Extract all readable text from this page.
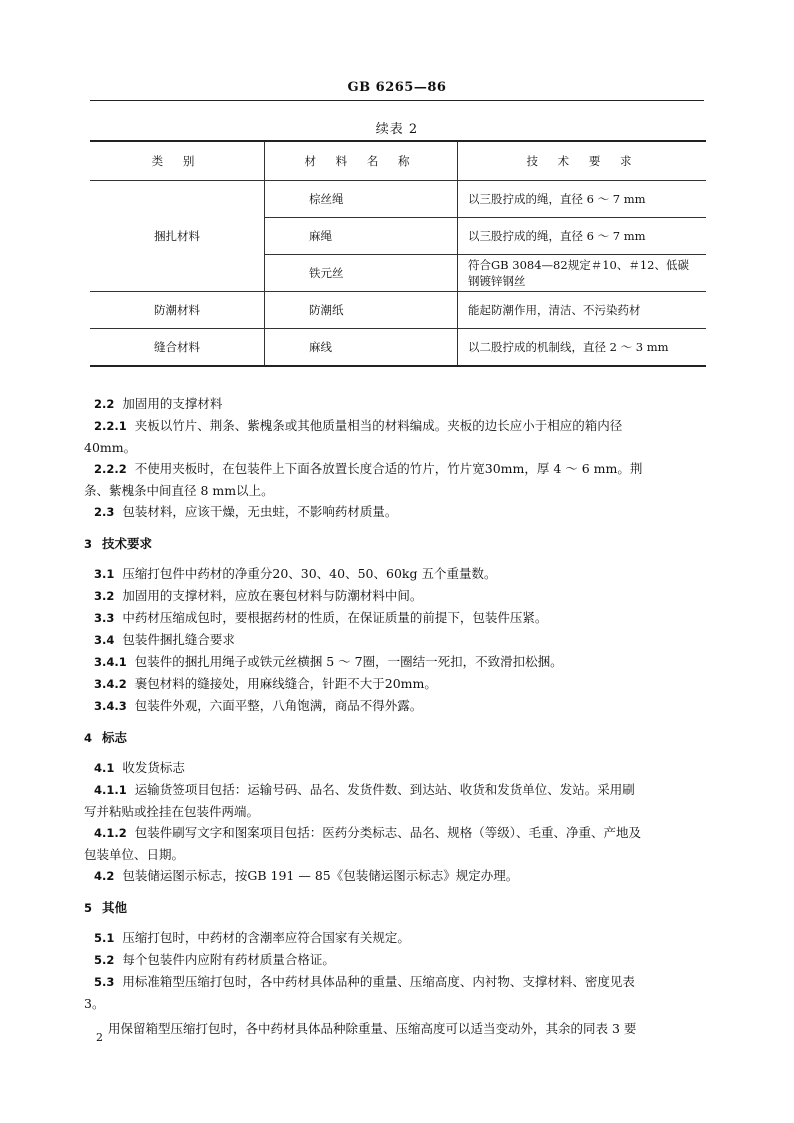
GB 6265—86
续表 2
类 别	材 料 名 称	技 术 要 求
捆扎材料	棕丝绳	以三股拧成的绳，直径 6 ～ 7 mm
	麻绳	以三股拧成的绳，直径 6 ～ 7 mm
	铁元丝	符合GB 3084—82规定＃10、＃12、低碳钢镀锌钢丝
防潮材料	防潮纸	能起防潮作用，清洁、不污染药材
缝合材料	麻线	以二股拧成的机制线，直径 2 ～ 3 mm

2.2 加固用的支撑材料

2.2.1 夹板以竹片、荆条、紫槐条或其他质量相当的材料编成。夹板的边长应小于相应的箱内径

40mm。

2.2.2 不使用夹板时，在包装件上下面各放置长度合适的竹片，竹片宽30mm，厚 4 ～ 6 mm。荆

条、紫槐条中间直径 8 mm以上。

2.3 包装材料，应该干燥，无虫蛀，不影响药材质量。

3 技术要求

3.1 压缩打包件中药材的净重分20、30、40、50、60kg 五个重量数。

3.2 加固用的支撑材料，应放在裹包材料与防潮材料中间。

3.3 中药材压缩成包时，要根据药材的性质，在保证质量的前提下，包装件压紧。

3.4 包装件捆扎缝合要求

3.4.1 包装件的捆扎用绳子或铁元丝横捆 5 ～ 7圈，一圈结一死扣，不致滑扣松捆。

3.4.2 裹包材料的缝接处，用麻线缝合，针距不大于20mm。

3.4.3 包装件外观，六面平整，八角饱满，商品不得外露。

4 标志

4.1 收发货标志

4.1.1 运输货签项目包括：运输号码、品名、发货件数、到达站、收货和发货单位、发站。采用刷

写并粘贴或拴挂在包装件两端。

4.1.2 包装件刷写文字和图案项目包括：医药分类标志、品名、规格（等级）、毛重、净重、产地及

包装单位、日期。

4.2 包装储运图示标志，按GB 191 — 85《包装储运图示标志》规定办理。

5 其他

5.1 压缩打包时，中药材的含潮率应符合国家有关规定。

5.2 每个包装件内应附有药材质量合格证。

5.3 用标准箱型压缩打包时，各中药材具体品种的重量、压缩高度、内衬物、支撑材料、密度见表

3。

用保留箱型压缩打包时，各中药材具体品种除重量、压缩高度可以适当变动外，其余的同表 3 要

2
